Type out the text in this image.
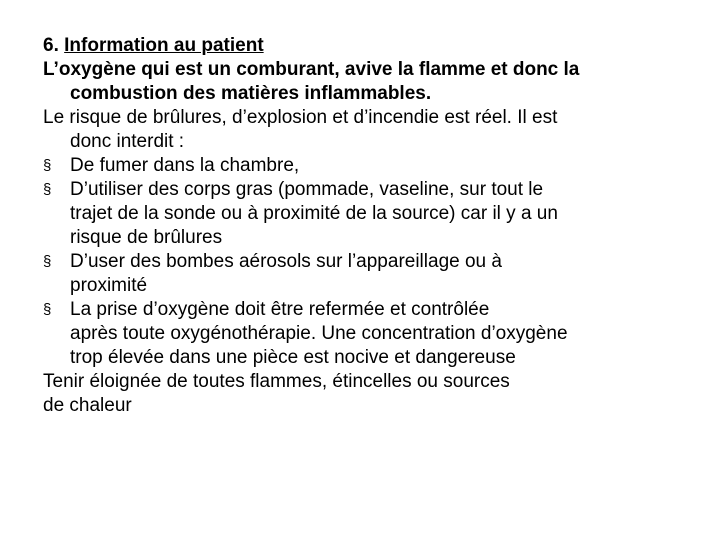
6. Information au patient
L’oxygène qui est un comburant, avive la flamme et donc la
combustion des matières inflammables.
Le risque de brûlures, d’explosion et d’incendie est réel. Il est
donc interdit :
§ De fumer dans la chambre,
§ D’utiliser des corps gras (pommade, vaseline, sur tout le
trajet de la sonde ou à proximité de la source) car il y a un
risque de brûlures
§ D’user des bombes aérosols sur l’appareillage ou à
proximité
§ La prise d’oxygène doit être refermée et contrôlée
après toute oxygénothérapie. Une concentration d’oxygène
trop élevée dans une pièce est nocive et dangereuse
Tenir éloignée de toutes flammes, étincelles ou sources
de chaleur
